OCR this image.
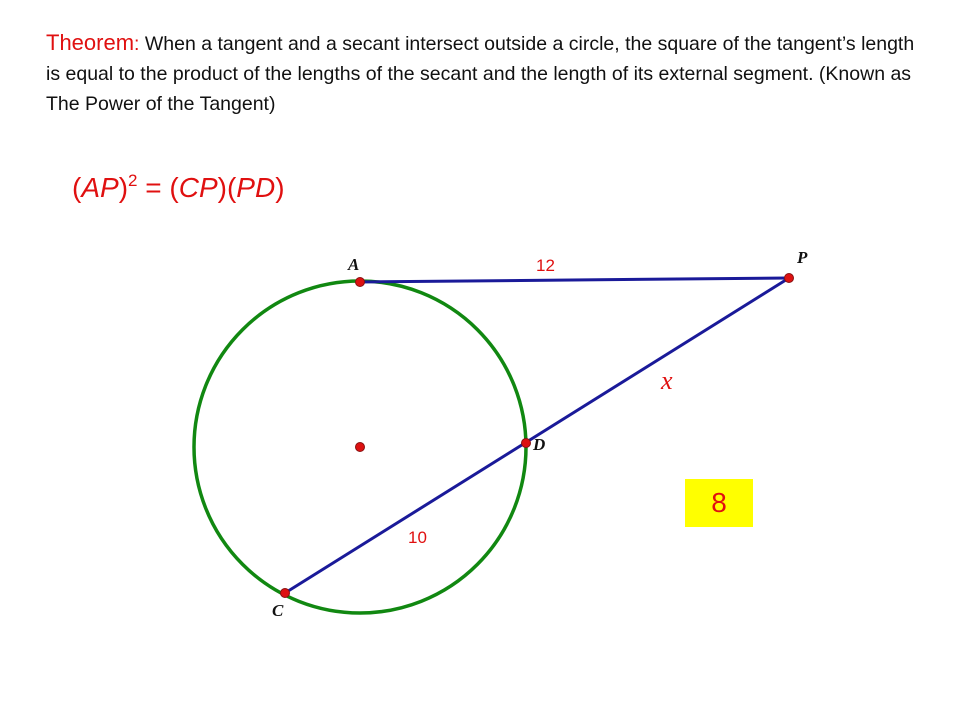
Theorem: When a tangent and a secant intersect outside a circle, the square of the tangent’s length is equal to the product of the lengths of the secant and the length of its external segment. (Known as The Power of the Tangent)
(AP)$^2$ = (CP)(PD)
A	P
D
C
12
x
10
8
